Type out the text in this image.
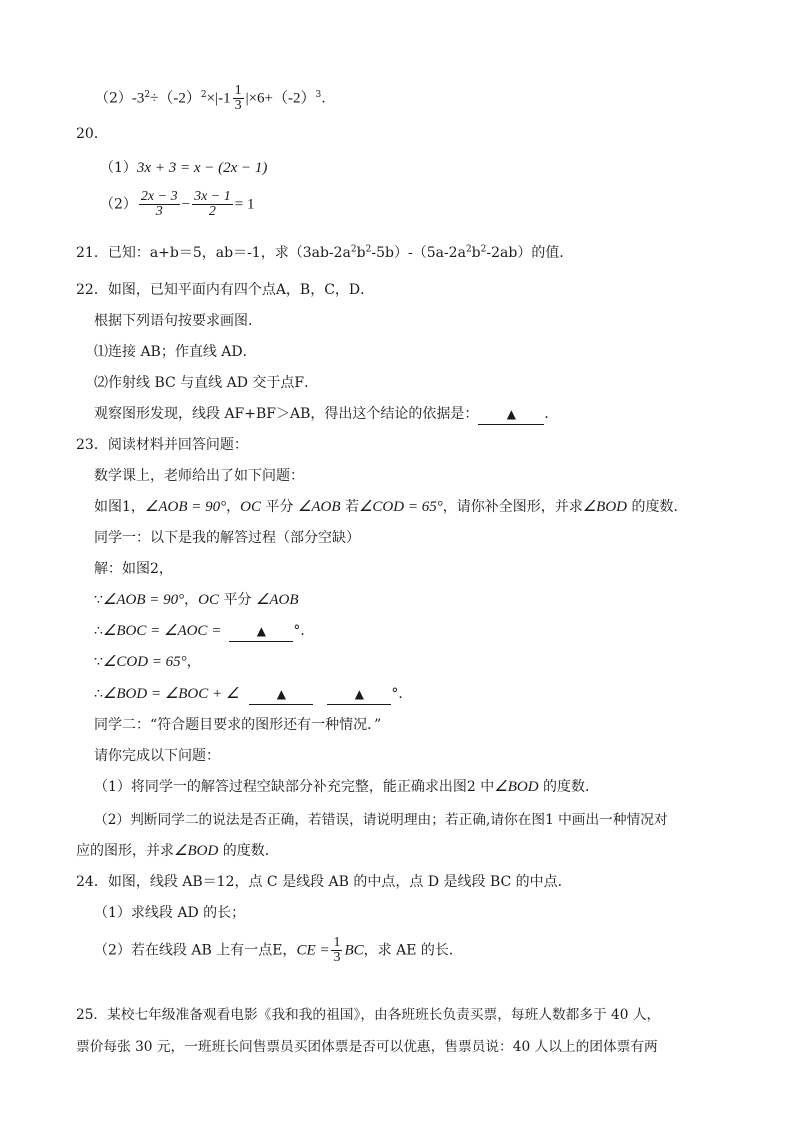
$(2)-3^2\div(-2)^2\times|-1 \frac{1}{3} |\times 6+(-2)^3$.
20．
（1）3x + 3 = x − (2x − 1)
$(2) \frac{2x - 3}{3} - \frac{3x - 1}{2} = 1$
21．已知：a+b＝5，ab＝-1，求$(3ab-2a^2b^2-5b)-(5a-2a^2b^2-2ab)$的值．
22．如图，已知平面内有四个点A，B，C，D．
根据下列语句按要求画图．
⑴连接 AB；作直线 AD．
⑵作射线 BC 与直线 AD 交于点F．
观察图形发现，线段 AF+BF＞AB，得出这个结论的依据是： ▲ ．
23．阅读材料并回答问题：
数学课上，老师给出了如下问题：
如图1，∠AOB = 90°，OC 平分 ∠AOB 若∠COD = 65°，请你补全图形，并求∠BOD 的度数．
同学一：以下是我的解答过程（部分空缺）
解：如图2，
∵∠AOB = 90°，OC 平分 ∠AOB
∴∠BOC = ∠AOC =	▲ °．
∵∠COD = 65°，
∴∠BOD = ∠BOC + ∠	▲	▲ °．
同学二：“符合题目要求的图形还有一种情况．”
请你完成以下问题：
（1）将同学一的解答过程空缺部分补充完整，能正确求出图2 中∠BOD 的度数．
（2）判断同学二的说法是否正确，若错误，请说明理由；若正确,请你在图1 中画出一种情况对
应的图形，并求∠BOD 的度数．
24．如图，线段 AB＝12，点 C 是线段 AB 的中点，点 D 是线段 BC 的中点．
（1）求线段 AD 的长；
（2）若在线段 AB 上有一点E，CE = $\frac{1}{3}$ BC，求 AE 的长．
25．某校七年级准备观看电影《我和我的祖国》，由各班班长负责买票，每班人数都多于 40 人，
票价每张 30 元，一班班长问售票员买团体票是否可以优惠，售票员说：40 人以上的团体票有两
